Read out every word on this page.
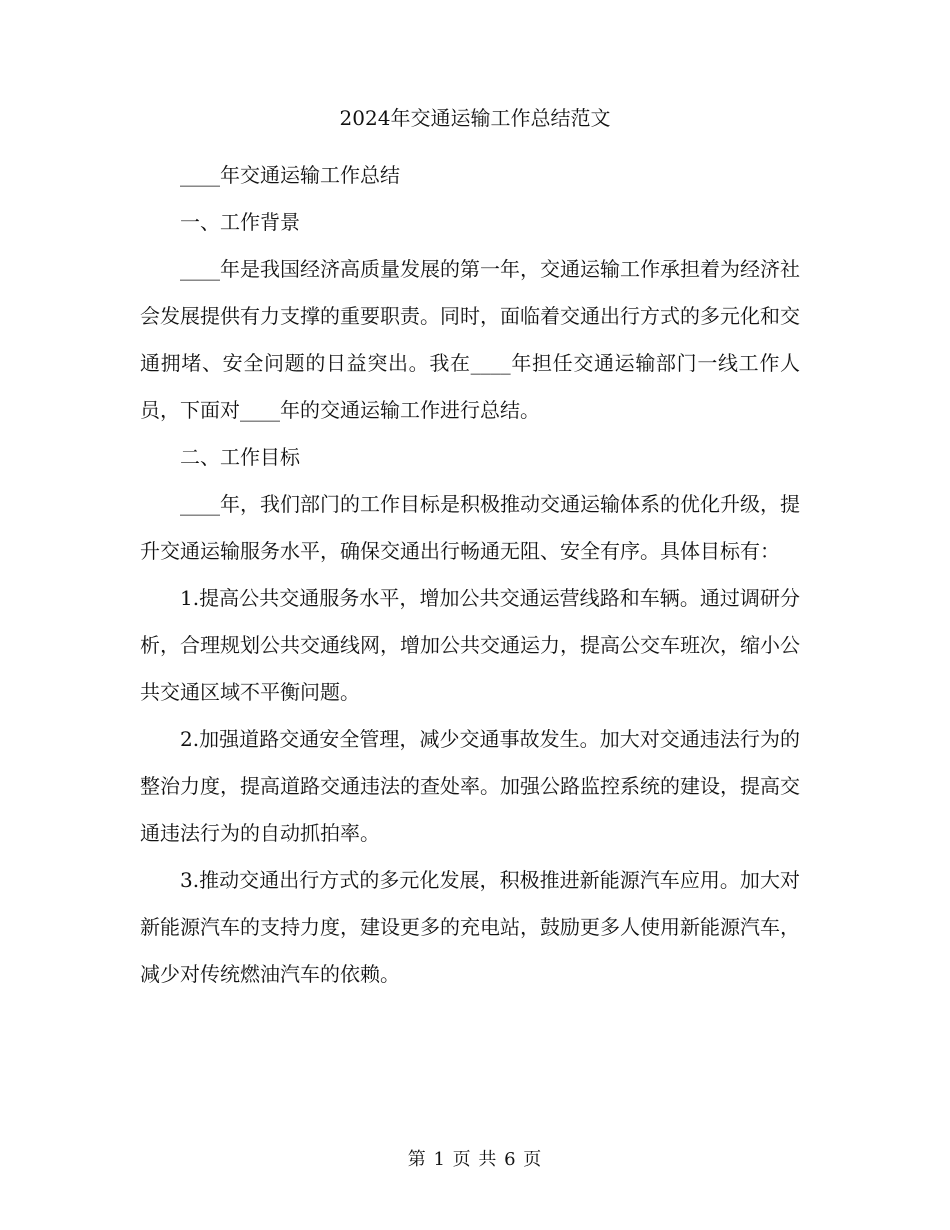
2024年交通运输工作总结范文

____年交通运输工作总结

一、工作背景

____年是我国经济高质量发展的第一年，交通运输工作承担着为经济社会发展提供有力支撑的重要职责。同时，面临着交通出行方式的多元化和交通拥堵、安全问题的日益突出。我在____年担任交通运输部门一线工作人员，下面对____年的交通运输工作进行总结。

二、工作目标

____年，我们部门的工作目标是积极推动交通运输体系的优化升级，提升交通运输服务水平，确保交通出行畅通无阻、安全有序。具体目标有：

1.提高公共交通服务水平，增加公共交通运营线路和车辆。通过调研分析，合理规划公共交通线网，增加公共交通运力，提高公交车班次，缩小公共交通区域不平衡问题。

2.加强道路交通安全管理，减少交通事故发生。加大对交通违法行为的整治力度，提高道路交通违法的查处率。加强公路监控系统的建设，提高交通违法行为的自动抓拍率。

3.推动交通出行方式的多元化发展，积极推进新能源汽车应用。加大对新能源汽车的支持力度，建设更多的充电站，鼓励更多人使用新能源汽车，减少对传统燃油汽车的依赖。

第 1 页 共 6 页
